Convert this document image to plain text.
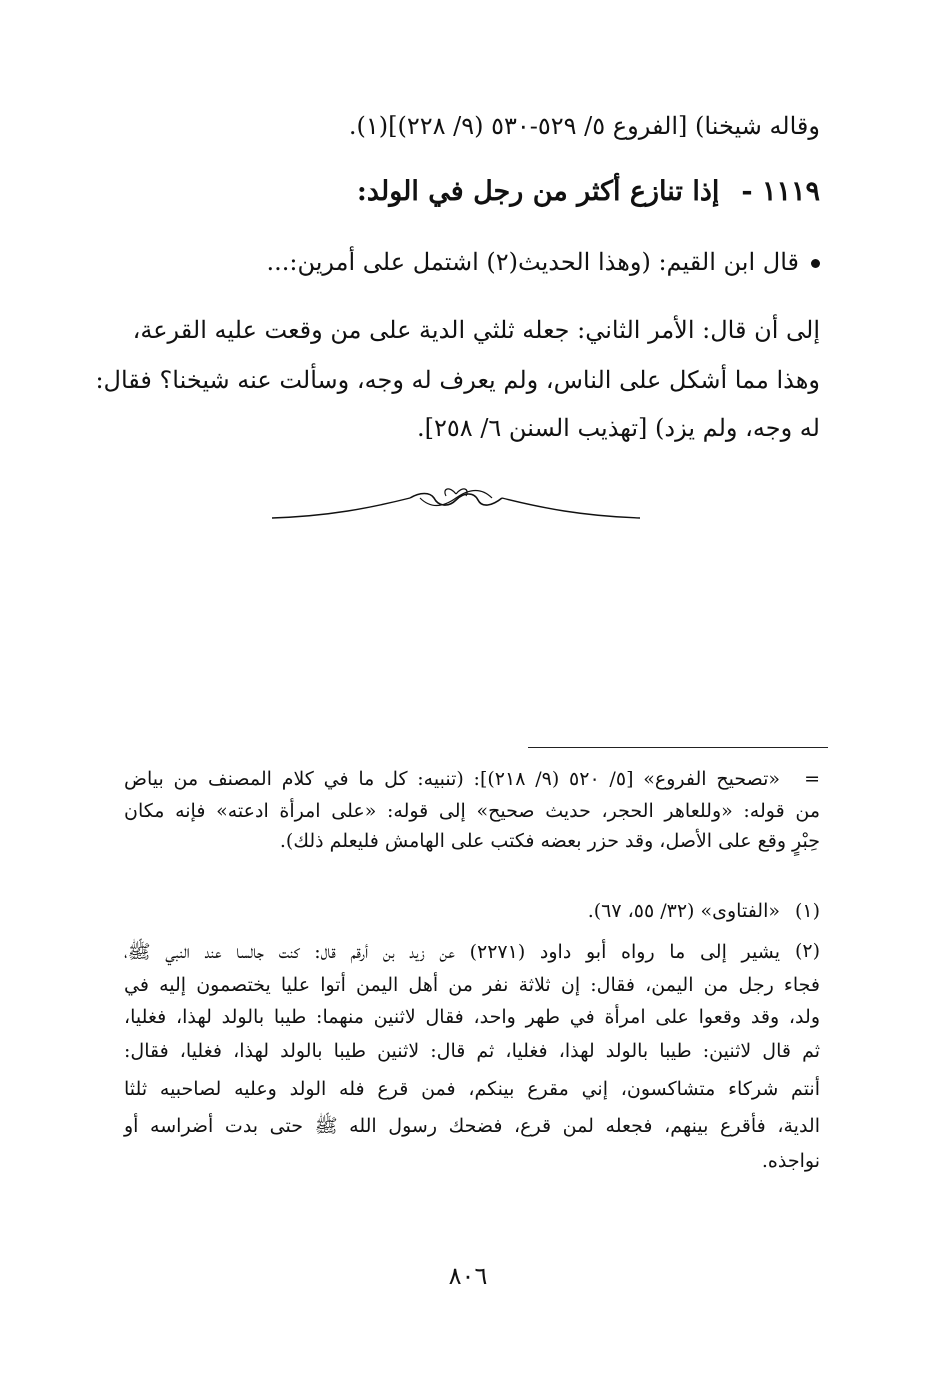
وقاله شيخنا) [الفروع ٥/ ٥٢٩-٥٣٠ (٩/ ٢٢٨)](١).
١١١٩ -إذا تنازع أكثر من رجل في الولد:
قال ابن القيم: (وهذا الحديث(٢) اشتمل على أمرين:...
إلى أن قال: الأمر الثاني: جعله ثلثي الدية على من وقعت عليه القرعة،
وهذا مما أشكل على الناس، ولم يعرف له وجه، وسألت عنه شيخنا؟ فقال:
له وجه، ولم يزد) [تهذيب السنن ٦/ ٢٥٨].
=
«تصحيح الفروع» [٥/ ٥٢٠ (٩/ ٢١٨)]: (تنبيه: كل ما في كلام المصنف من بياض
من قوله: «وللعاهر الحجر، حديث صحيح» إلى قوله: «على امرأة ادعته» فإنه مكان
حِبْرٍ وقع على الأصل، وقد حزر بعضه فكتب على الهامش فليعلم ذلك).
(١)
«الفتاوى» (٣٢/ ٥٥، ٦٧).
(٢)
يشير إلى ما رواه أبو داود (٢٢٧١) عن زيد بن أرقم قال: كنت جالسا عند النبي ﷺ،
فجاء رجل من اليمن، فقال: إن ثلاثة نفر من أهل اليمن أتوا عليا يختصمون إليه في
ولد، وقد وقعوا على امرأة في طهر واحد، فقال لاثنين منهما: طيبا بالولد لهذا، فغليا،
ثم قال لاثنين: طيبا بالولد لهذا، فغليا، ثم قال: لاثنين طيبا بالولد لهذا، فغليا، فقال:
أنتم شركاء متشاكسون، إني مقرع بينكم، فمن قرع فله الولد وعليه لصاحبيه ثلثا
الدية، فأقرع بينهم، فجعله لمن قرع، فضحك رسول الله ﷺ حتى بدت أضراسه أو
نواجذه.
٨٠٦
